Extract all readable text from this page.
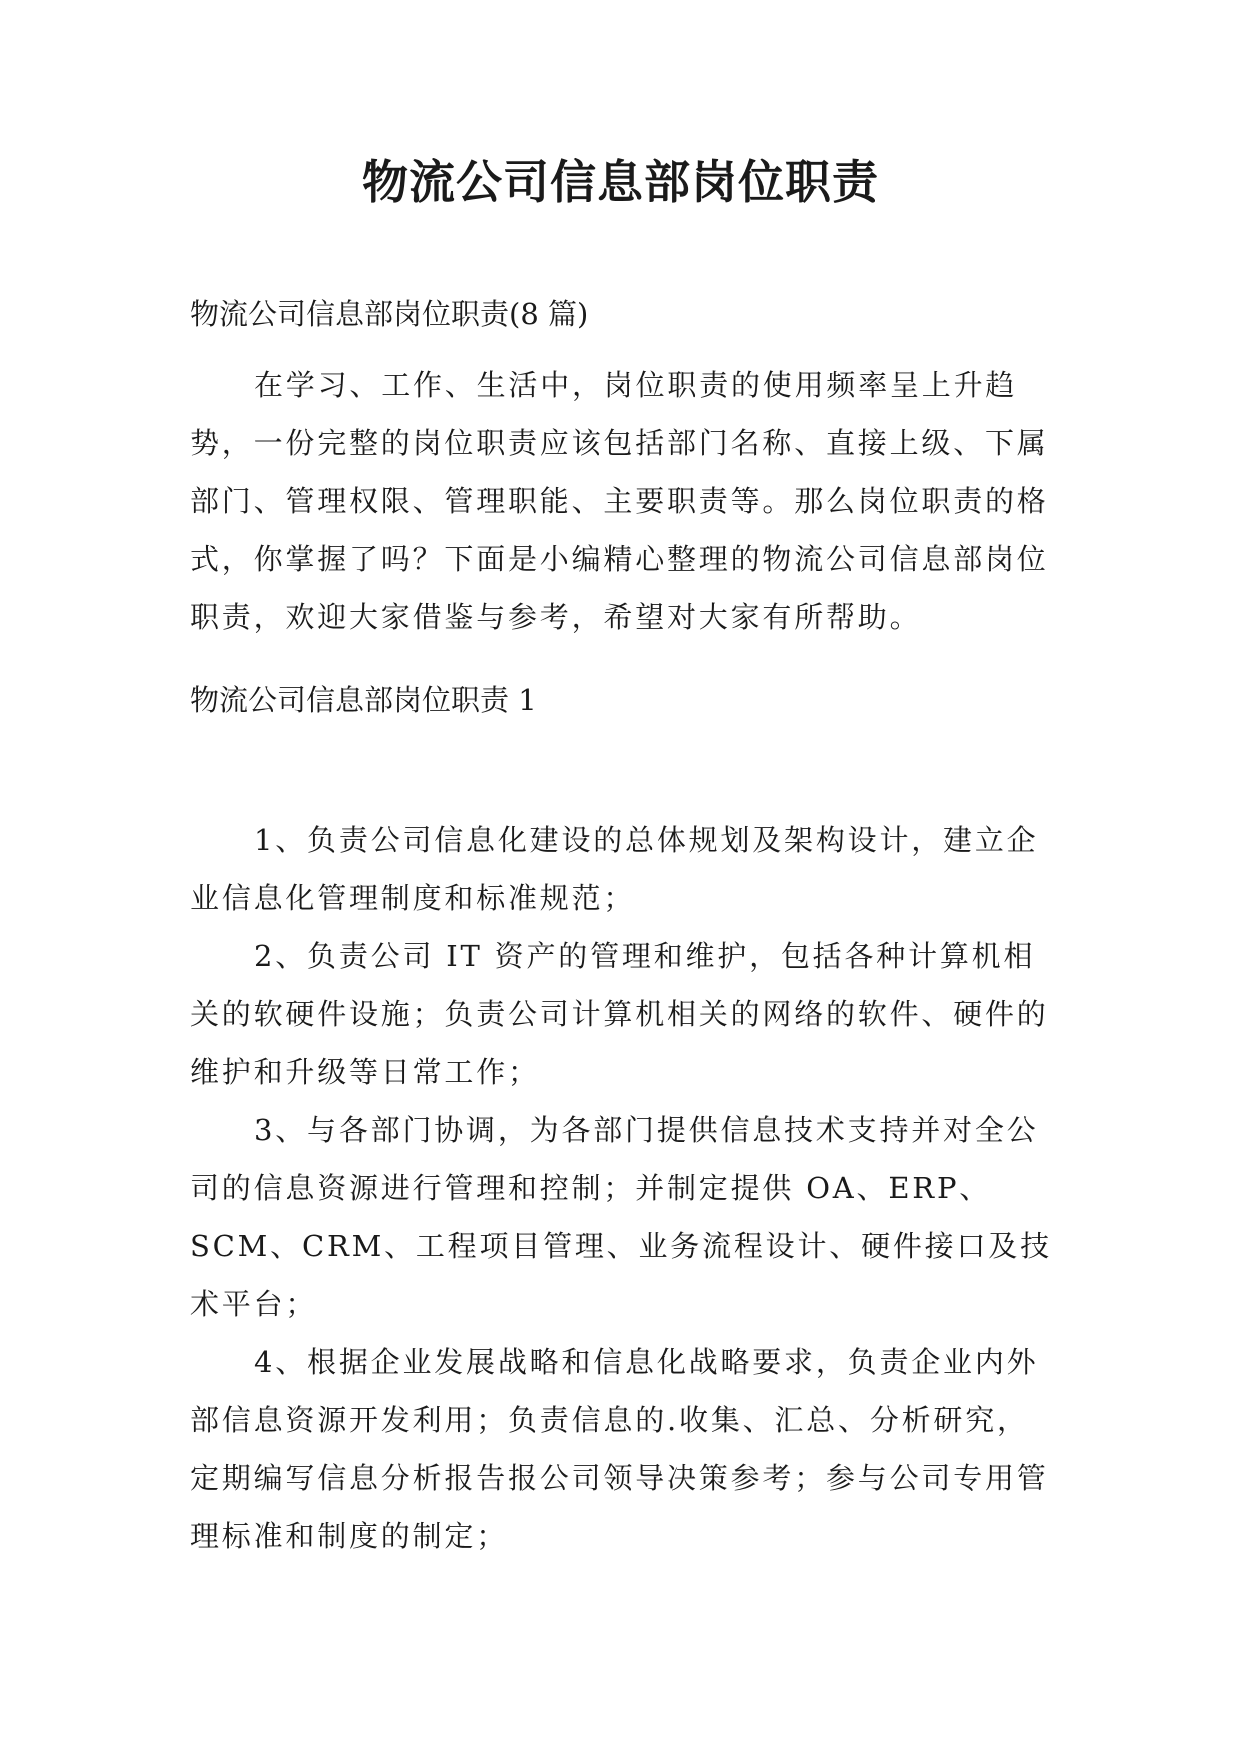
物流公司信息部岗位职责
物流公司信息部岗位职责(8 篇)

在学习、工作、生活中，岗位职责的使用频率呈上升趋势，一份完整的岗位职责应该包括部门名称、直接上级、下属部门、管理权限、管理职能、主要职责等。那么岗位职责的格式，你掌握了吗？下面是小编精心整理的物流公司信息部岗位职责，欢迎大家借鉴与参考，希望对大家有所帮助。

物流公司信息部岗位职责 1

1、负责公司信息化建设的总体规划及架构设计，建立企业信息化管理制度和标准规范；

2、负责公司 IT 资产的管理和维护，包括各种计算机相关的软硬件设施；负责公司计算机相关的网络的软件、硬件的维护和升级等日常工作；

3、与各部门协调，为各部门提供信息技术支持并对全公司的信息资源进行管理和控制；并制定提供 OA、ERP、SCM、CRM、工程项目管理、业务流程设计、硬件接口及技术平台；

4、根据企业发展战略和信息化战略要求，负责企业内外部信息资源开发利用；负责信息的.收集、汇总、分析研究，定期编写信息分析报告报公司领导决策参考；参与公司专用管理标准和制度的制定；
